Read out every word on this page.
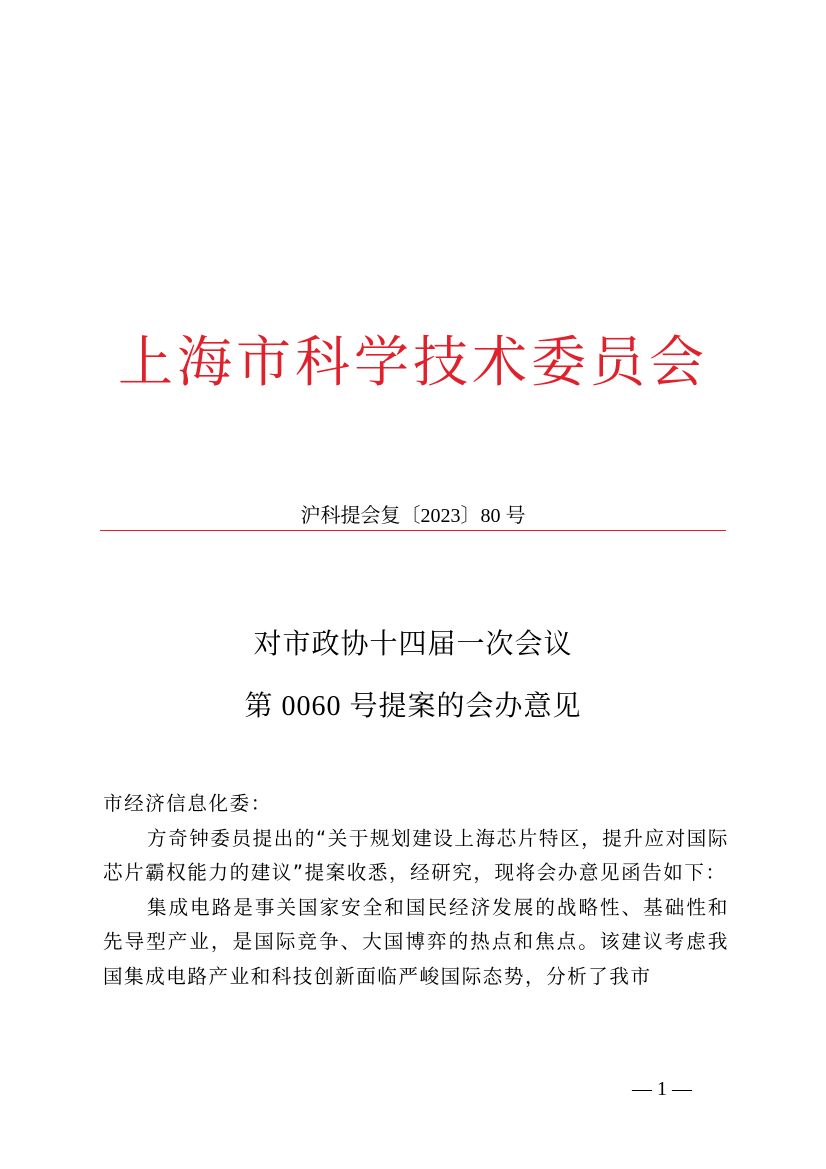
上海市科学技术委员会
沪科提会复〔2023〕80 号
对市政协十四届一次会议
第 0060 号提案的会办意见

市经济信息化委：

方奇钟委员提出的“关于规划建设上海芯片特区，提升应对国际芯片霸权能力的建议”提案收悉，经研究，现将会办意见函告如下：

集成电路是事关国家安全和国民经济发展的战略性、基础性和先导型产业，是国际竞争、大国博弈的热点和焦点。该建议考虑我国集成电路产业和科技创新面临严峻国际态势，分析了我市

— 1 —
